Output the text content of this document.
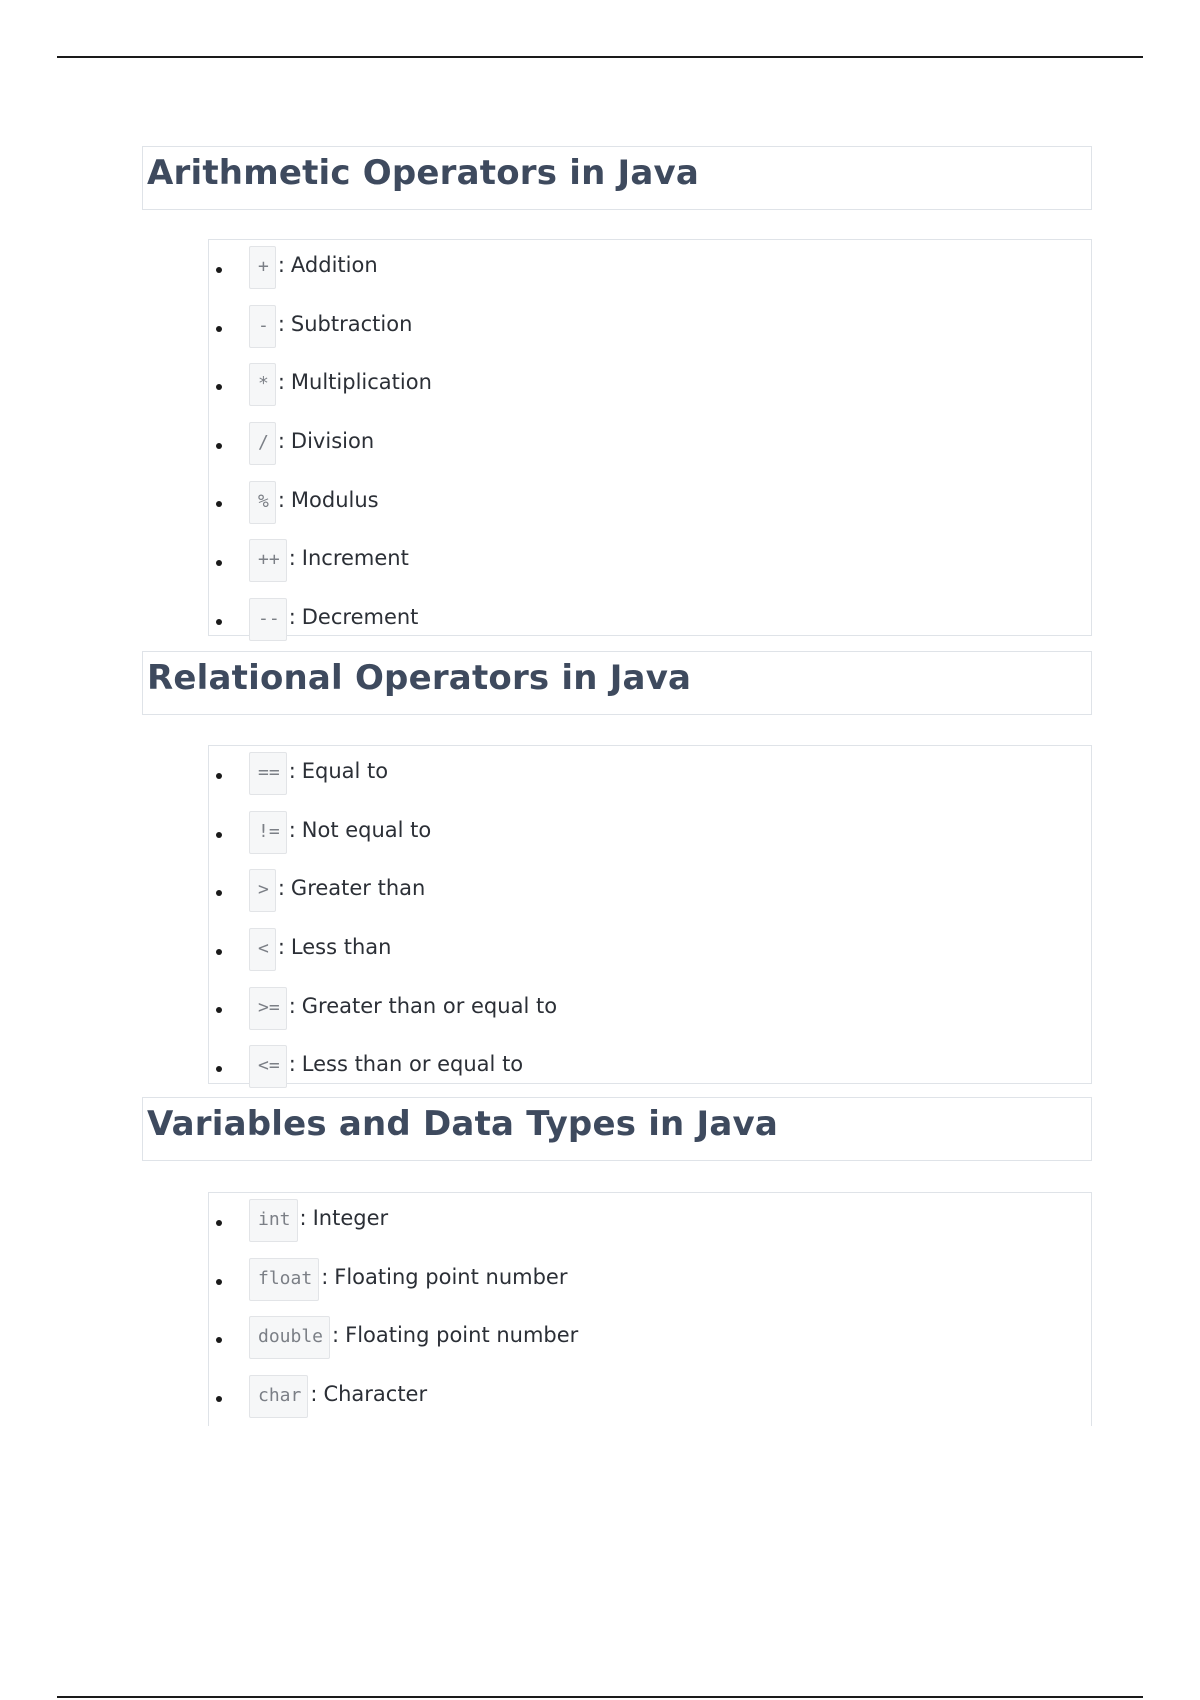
Arithmetic Operators in Java
+ : Addition
- : Subtraction
* : Multiplication
/ : Division
% : Modulus
++ : Increment
-- : Decrement
Relational Operators in Java
== : Equal to
!= : Not equal to
> : Greater than
< : Less than
>= : Greater than or equal to
<= : Less than or equal to
Variables and Data Types in Java
int : Integer
float : Floating point number
double : Floating point number
char : Character
